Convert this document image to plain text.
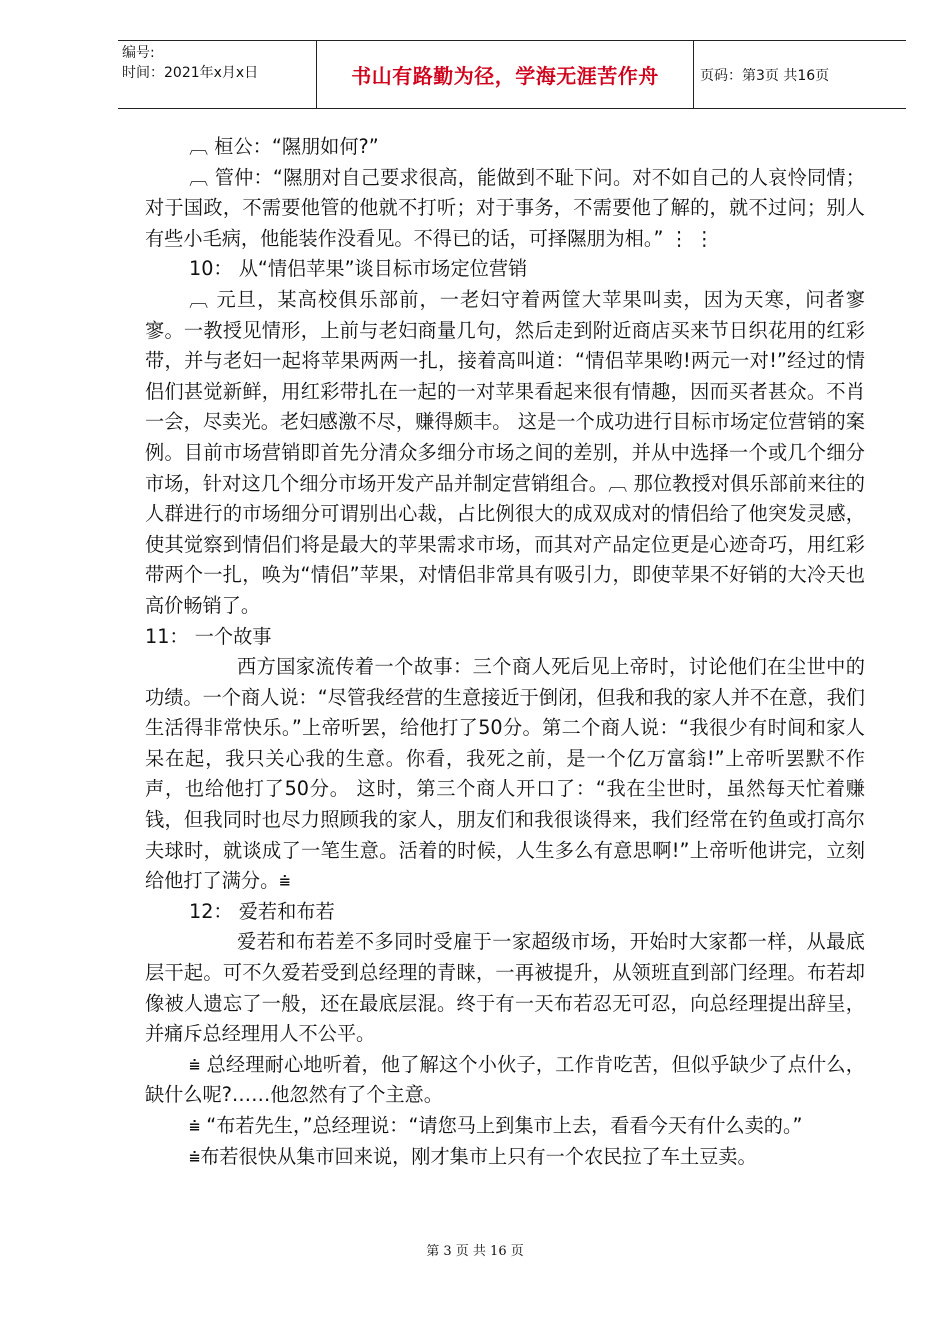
编号:
时间：2021年x月x日	书山有路勤为径，学海无涯苦作舟	页码：第3页 共16页

︹ 桓公：“隰朋如何?”

︹ 管仲：“隰朋对自己要求很高，能做到不耻下问。对不如自己的人哀怜同情；对于国政，不需要他管的他就不打听；对于事务，不需要他了解的，就不过问；别人有些小毛病，他能装作没看见。不得已的话，可择隰朋为相。” ⋮ ⋮

10： 从“情侣苹果”谈目标市场定位营销

︹ 元旦，某高校俱乐部前，一老妇守着两筐大苹果叫卖，因为天寒，问者寥寥。一教授见情形，上前与老妇商量几句，然后走到附近商店买来节日织花用的红彩带，并与老妇一起将苹果两两一扎，接着高叫道：“情侣苹果哟!两元一对!”经过的情侣们甚觉新鲜，用红彩带扎在一起的一对苹果看起来很有情趣，因而买者甚众。不肖一会，尽卖光。老妇感激不尽，赚得颇丰。 这是一个成功进行目标市场定位营销的案例。目前市场营销即首先分清众多细分市场之间的差别，并从中选择一个或几个细分市场，针对这几个细分市场开发产品并制定营销组合。︹ 那位教授对俱乐部前来往的人群进行的市场细分可谓别出心裁，占比例很大的成双成对的情侣给了他突发灵感，使其觉察到情侣们将是最大的苹果需求市场，而其对产品定位更是心迹奇巧，用红彩带两个一扎，唤为“情侣”苹果，对情侣非常具有吸引力，即使苹果不好销的大冷天也高价畅销了。

11： 一个故事

西方国家流传着一个故事：三个商人死后见上帝时，讨论他们在尘世中的功绩。一个商人说：“尽管我经营的生意接近于倒闭，但我和我的家人并不在意，我们生活得非常快乐。”上帝听罢，给他打了50分。第二个商人说：“我很少有时间和家人呆在起，我只关心我的生意。你看，我死之前，是一个亿万富翁!”上帝听罢默不作声，也给他打了50分。 这时，第三个商人开口了：“我在尘世时，虽然每天忙着赚钱，但我同时也尽力照顾我的家人，朋友们和我很谈得来，我们经常在钓鱼或打高尔夫球时，就谈成了一笔生意。活着的时候，人生多么有意思啊!”上帝听他讲完，立刻给他打了满分。⩧

12： 爱若和布若

爱若和布若差不多同时受雇于一家超级市场，开始时大家都一样，从最底层干起。可不久爱若受到总经理的青睐，一再被提升，从领班直到部门经理。布若却像被人遗忘了一般，还在最底层混。终于有一天布若忍无可忍，向总经理提出辞呈，并痛斥总经理用人不公平。

⩧ 总经理耐心地听着，他了解这个小伙子，工作肯吃苦，但似乎缺少了点什么，缺什么呢?……他忽然有了个主意。

⩧ “布若先生，”总经理说：“请您马上到集市上去，看看今天有什么卖的。”

⩧布若很快从集市回来说，刚才集市上只有一个农民拉了车土豆卖。

第 3 页 共 16 页
